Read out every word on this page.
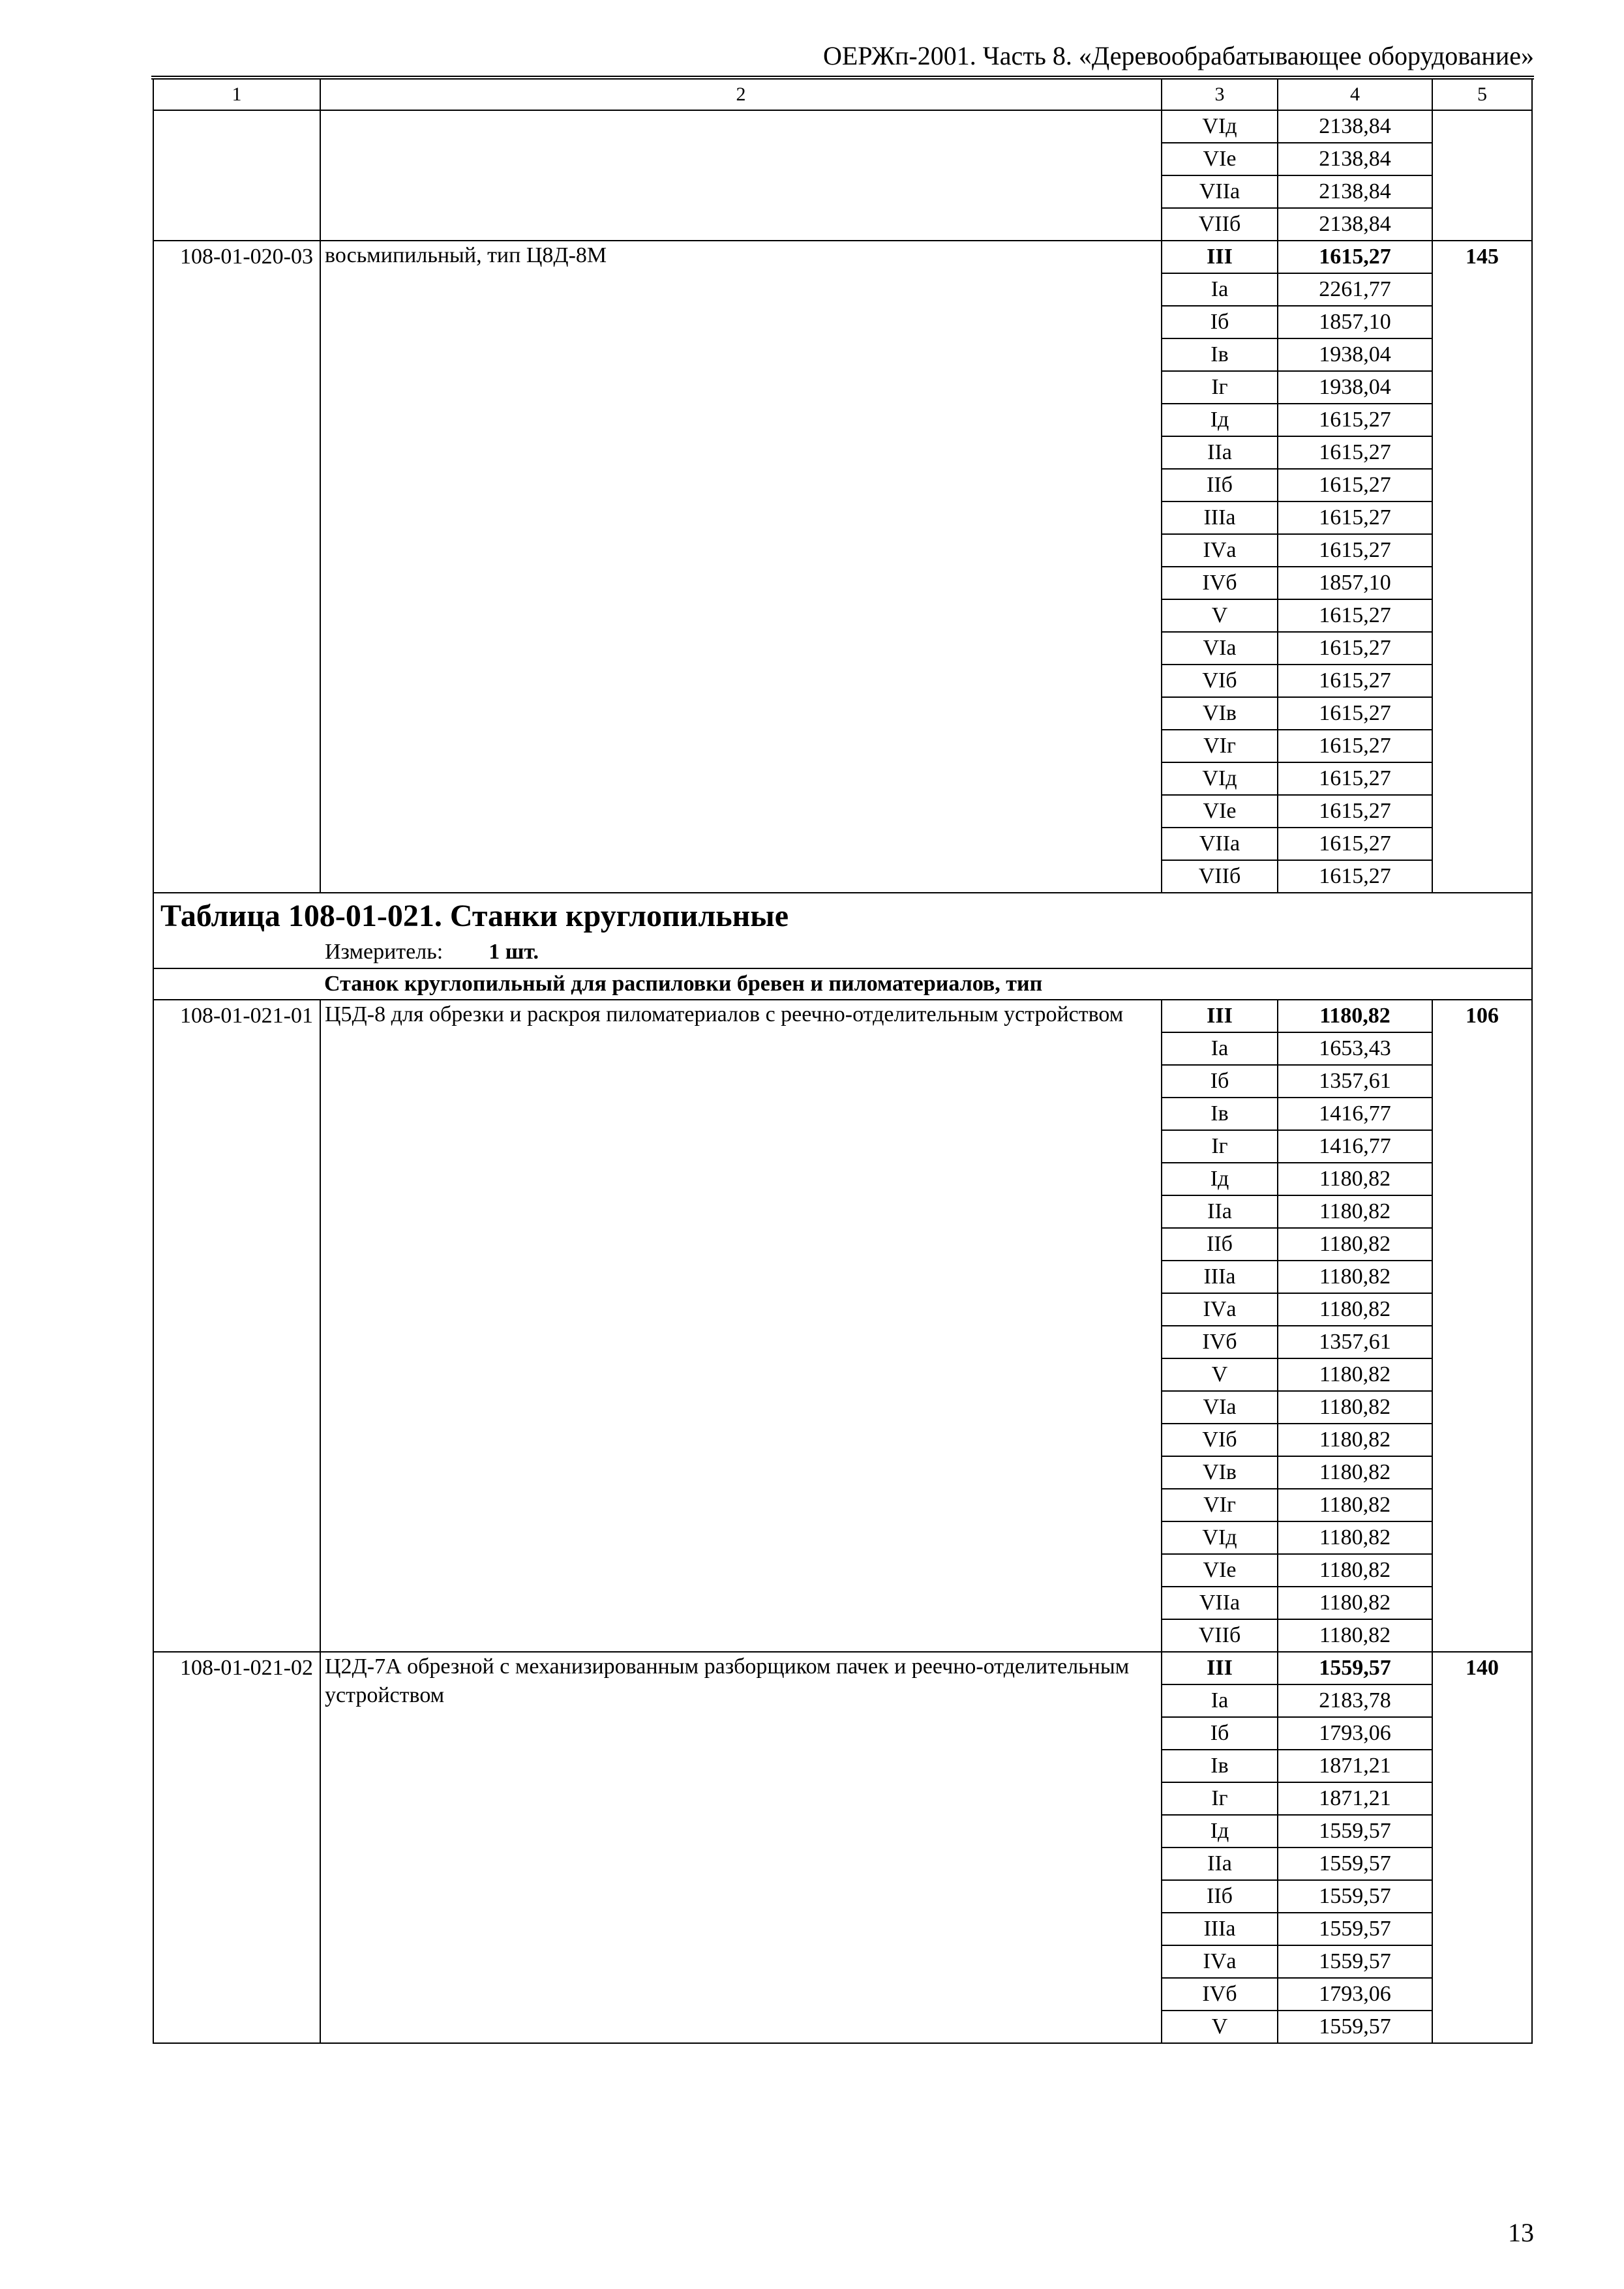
ОЕРЖп-2001. Часть 8. «Деревообрабатывающее оборудование»
1	2	3	4	5
		VIд	2138,84	
		VIе	2138,84	
		VIIа	2138,84	
		VIIб	2138,84	
108-01-020-03	восьмипильный, тип Ц8Д-8М	III	1615,27	145
		Iа	2261,77	
		Iб	1857,10	
		Iв	1938,04	
		Iг	1938,04	
		Iд	1615,27	
		IIа	1615,27	
		IIб	1615,27	
		IIIа	1615,27	
		IVа	1615,27	
		IVб	1857,10	
		V	1615,27	
		VIа	1615,27	
		VIб	1615,27	
		VIв	1615,27	
		VIг	1615,27	
		VIд	1615,27	
		VIе	1615,27	
		VIIа	1615,27	
		VIIб	1615,27	

Таблица 108-01-021. Станки круглопильные
Измеритель: 1 шт.				

	Станок круглопильный для распиловки бревен и пиломатериалов, тип			
108-01-021-01	Ц5Д-8 для обрезки и раскроя пиломатериалов с реечно-отделительным устройством	III	1180,82	106
		Iа	1653,43	
		Iб	1357,61	
		Iв	1416,77	
		Iг	1416,77	
		Iд	1180,82	
		IIа	1180,82	
		IIб	1180,82	
		IIIа	1180,82	
		IVа	1180,82	
		IVб	1357,61	
		V	1180,82	
		VIа	1180,82	
		VIб	1180,82	
		VIв	1180,82	
		VIг	1180,82	
		VIд	1180,82	
		VIе	1180,82	
		VIIа	1180,82	
		VIIб	1180,82	
108-01-021-02	Ц2Д-7А обрезной с механизированным разборщиком пачек и реечно-отделительным устройством	III	1559,57	140
		Iа	2183,78	
		Iб	1793,06	
		Iв	1871,21	
		Iг	1871,21	
		Iд	1559,57	
		IIа	1559,57	
		IIб	1559,57	
		IIIа	1559,57	
		IVа	1559,57	
		IVб	1793,06	
		V	1559,57	
13
